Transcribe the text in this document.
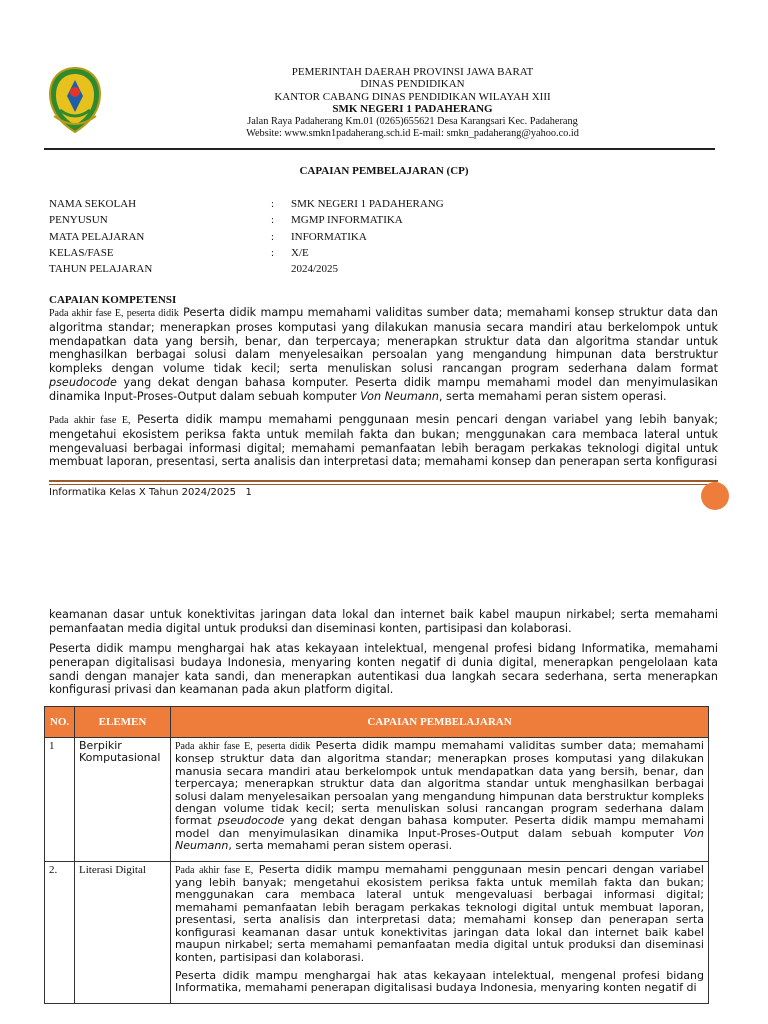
PEMERINTAH DAERAH PROVINSI JAWA BARAT
DINAS PENDIDIKAN
KANTOR CABANG DINAS PENDIDIKAN WILAYAH XIII
SMK NEGERI 1 PADAHERANG
Jalan Raya Padaherang Km.01 (0265)655621 Desa Karangsari Kec. Padaherang
Website: www.smkn1padaherang.sch.id E-mail: smkn_padaherang@yahoo.co.id
CAPAIAN PEMBELAJARAN (CP)
NAMA SEKOLAH	: SMK NEGERI 1 PADAHERANG
PENYUSUN	: MGMP INFORMATIKA
MATA PELAJARAN	: INFORMATIKA
KELAS/FASE	: X/E
TAHUN PELAJARAN	2024/2025
CAPAIAN KOMPETENSI
Pada akhir fase E, peserta didik Peserta didik mampu memahami validitas sumber data; memahami konsep struktur data dan algoritma standar; menerapkan proses komputasi yang dilakukan manusia secara mandiri atau berkelompok untuk mendapatkan data yang bersih, benar, dan terpercaya; menerapkan struktur data dan algoritma standar untuk menghasilkan berbagai solusi dalam menyelesaikan persoalan yang mengandung himpunan data berstruktur kompleks dengan volume tidak kecil; serta menuliskan solusi rancangan program sederhana dalam format pseudocode yang dekat dengan bahasa komputer. Peserta didik mampu memahami model dan menyimulasikan dinamika Input-Proses-Output dalam sebuah komputer Von Neumann, serta memahami peran sistem operasi.
Pada akhir fase E, Peserta didik mampu memahami penggunaan mesin pencari dengan variabel yang lebih banyak; mengetahui ekosistem periksa fakta untuk memilah fakta dan bukan; menggunakan cara membaca lateral untuk mengevaluasi berbagai informasi digital; memahami pemanfaatan lebih beragam perkakas teknologi digital untuk membuat laporan, presentasi, serta analisis dan interpretasi data; memahami konsep dan penerapan serta konfigurasi
Informatika Kelas X Tahun 2024/2025 1
keamanan dasar untuk konektivitas jaringan data lokal dan internet baik kabel maupun nirkabel; serta memahami pemanfaatan media digital untuk produksi dan diseminasi konten, partisipasi dan kolaborasi.
Peserta didik mampu menghargai hak atas kekayaan intelektual, mengenal profesi bidang Informatika, memahami penerapan digitalisasi budaya Indonesia, menyaring konten negatif di dunia digital, menerapkan pengelolaan kata sandi dengan manajer kata sandi, dan menerapkan autentikasi dua langkah secara sederhana, serta menerapkan konfigurasi privasi dan keamanan pada akun platform digital.
NO.	ELEMEN	CAPAIAN PEMBELAJARAN
1	Berpikir Komputasional	Pada akhir fase E, peserta didik Peserta didik mampu memahami validitas sumber data; memahami konsep struktur data dan algoritma standar; menerapkan proses komputasi yang dilakukan manusia secara mandiri atau berkelompok untuk mendapatkan data yang bersih, benar, dan terpercaya; menerapkan struktur data dan algoritma standar untuk menghasilkan berbagai solusi dalam menyelesaikan persoalan yang mengandung himpunan data berstruktur kompleks dengan volume tidak kecil; serta menuliskan solusi rancangan program sederhana dalam format pseudocode yang dekat dengan bahasa komputer. Peserta didik mampu memahami model dan menyimulasikan dinamika Input-Proses-Output dalam sebuah komputer Von Neumann, serta memahami peran sistem operasi.

2.	Literasi Digital	Pada akhir fase E, Peserta didik mampu memahami penggunaan mesin pencari dengan variabel yang lebih banyak; mengetahui ekosistem periksa fakta untuk memilah fakta dan bukan; menggunakan cara membaca lateral untuk mengevaluasi berbagai informasi digital; memahami pemanfaatan lebih beragam perkakas teknologi digital untuk membuat laporan, presentasi, serta analisis dan interpretasi data; memahami konsep dan penerapan serta konfigurasi keamanan dasar untuk konektivitas jaringan data lokal dan internet baik kabel maupun nirkabel; serta memahami pemanfaatan media digital untuk produksi dan diseminasi konten, partisipasi dan kolaborasi.

Peserta didik mampu menghargai hak atas kekayaan intelektual, mengenal profesi bidang Informatika, memahami penerapan digitalisasi budaya Indonesia, menyaring konten negatif di
